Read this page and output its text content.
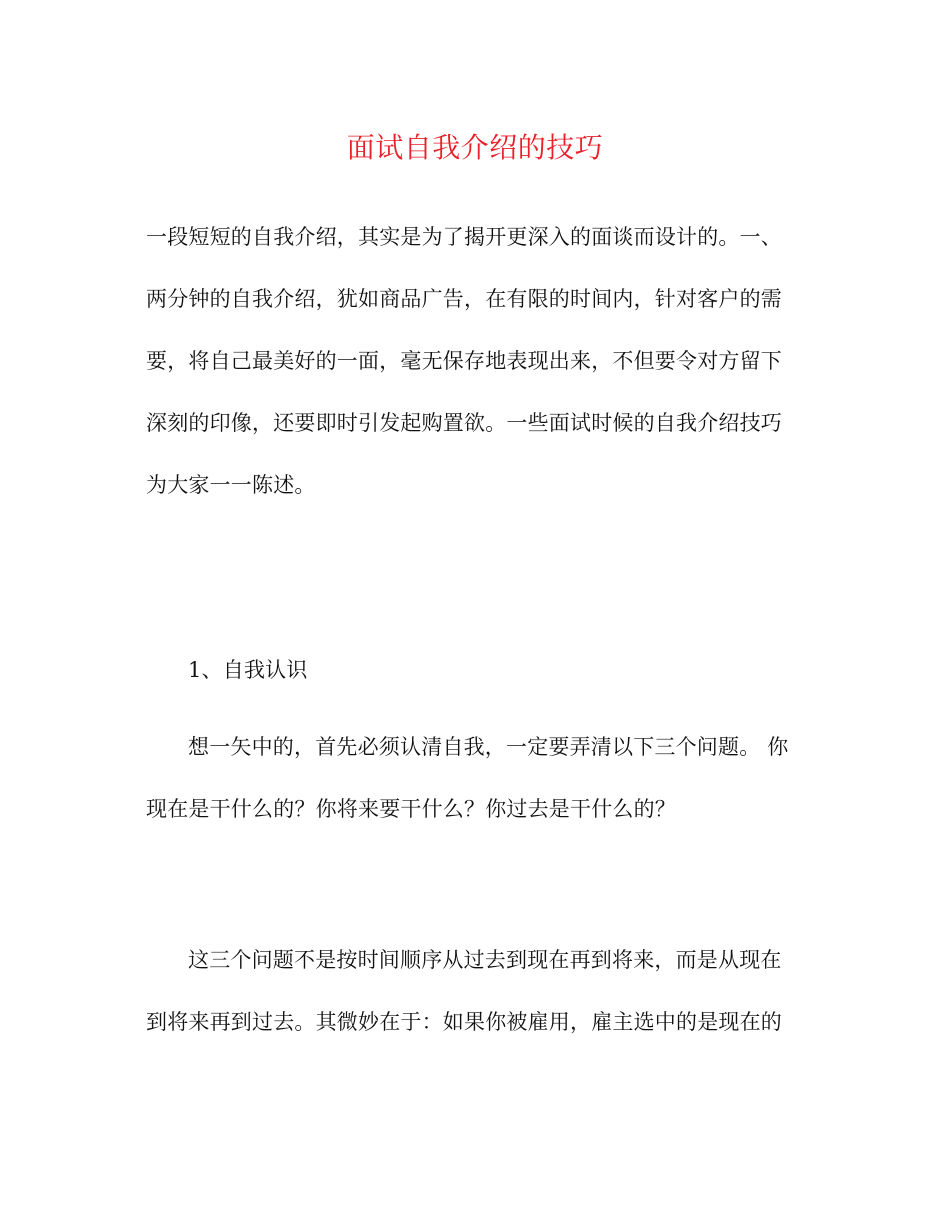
面试自我介绍的技巧
一段短短的自我介绍，其实是为了揭开更深入的面谈而设计的。一、
两分钟的自我介绍，犹如商品广告，在有限的时间内，针对客户的需
要，将自己最美好的一面，毫无保存地表现出来，不但要令对方留下
深刻的印像，还要即时引发起购置欲。一些面试时候的自我介绍技巧
为大家一一陈述。
1、自我认识
想一矢中的，首先必须认清自我，一定要弄清以下三个问题。 你
现在是干什么的？你将来要干什么？你过去是干什么的？
这三个问题不是按时间顺序从过去到现在再到将来，而是从现在
到将来再到过去。其微妙在于：如果你被雇用，雇主选中的是现在的
